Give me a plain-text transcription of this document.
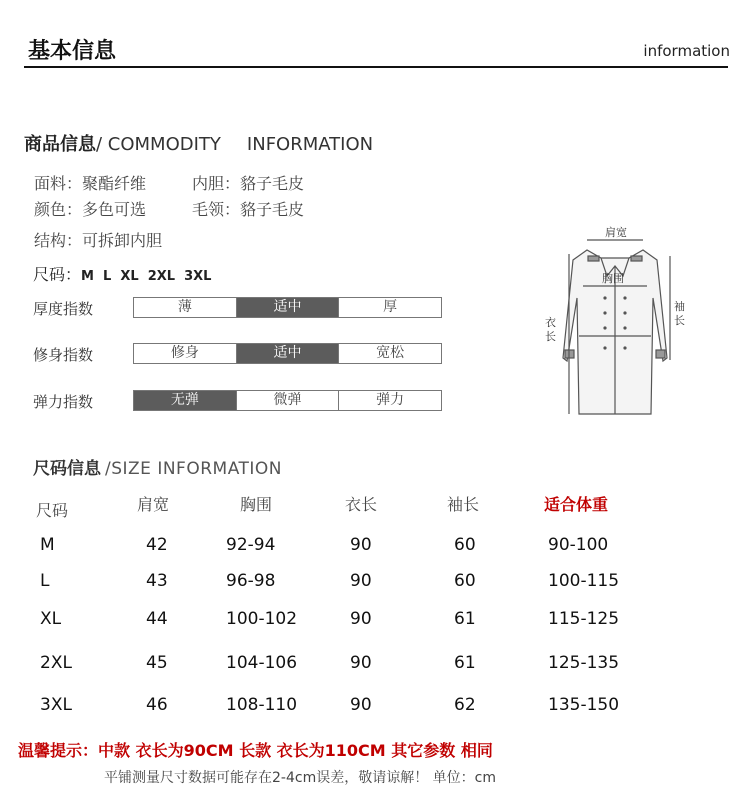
基本信息	information
商品信息/ COMMODITY INFORMATION
面料：聚酯纤维	内胆：貉子毛皮
颜色：多色可选	毛领：貉子毛皮
结构：可拆卸内胆
尺码：M  L  XL  2XL  3XL
厚度指数	薄	适中	厚
修身指数	修身	适中	宽松
弹力指数	无弹	微弹	弹力
肩宽
胸围
衣
长
袖
长
尺码信息 /SIZE INFORMATION
尺码	肩宽	胸围	衣长	袖长	适合体重
M	42	92-94	90	60	90-100
L	43	96-98	90	60	100-115
XL	44	100-102	90	61	115-125
2XL	45	104-106	90	61	125-135
3XL	46	108-110	90	62	135-150
温馨提示：中款 衣长为90CM 长款 衣长为110CM 其它参数 相同
平铺测量尺寸数据可能存在2-4cm误差，敬请谅解！ 单位：cm
